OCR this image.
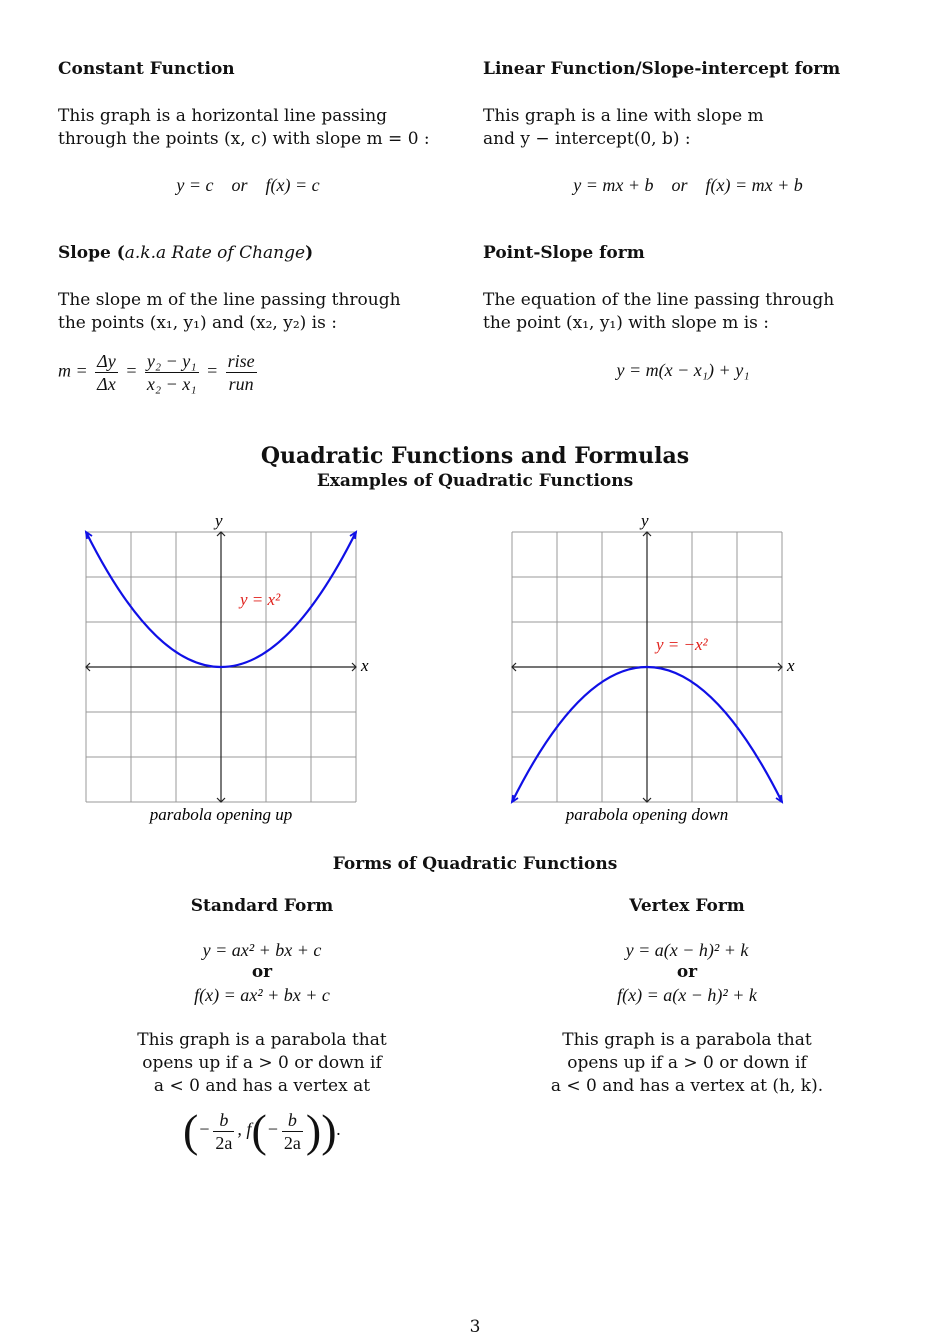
Constant Function
This graph is a horizontal line passing
through the points (x, c) with slope m = 0 :
y = c    or    f(x) = c
Linear Function/Slope-intercept form
This graph is a line with slope m
and y − intercept(0, b) :
y = mx + b    or    f(x) = mx + b
Slope (a.k.a Rate of Change)
The slope m of the line passing through
the points (x₁, y₁) and (x₂, y₂) is :
$m = \frac{\Delta y}{\Delta x} = \frac{\text{y₂ − y₁}}{\text{x₂ − x₁}} = \frac{\text{rise}}{\text{run}}$
Point-Slope form
The equation of the line passing through
the point (x₁, y₁) with slope m is :
y = m(x − x₁) + y₁
Quadratic Functions and Formulas
Examples of Quadratic Functions
y
x
y = x²
parabola opening up
y
x
y = −x²
parabola opening down
Forms of Quadratic Functions
Standard Form
y = ax² + bx + c
or
f(x) = ax² + bx + c
This graph is a parabola that
opens up if a > 0 or down if
a < 0 and has a vertex at
(− $\frac{b}{2a}$ , $f(- \frac{b}{2a}$ )).
Vertex Form
y = a(x − h)² + k
or
f(x) = a(x − h)² + k
This graph is a parabola that
opens up if a > 0 or down if
a < 0 and has a vertex at (h, k).
3
